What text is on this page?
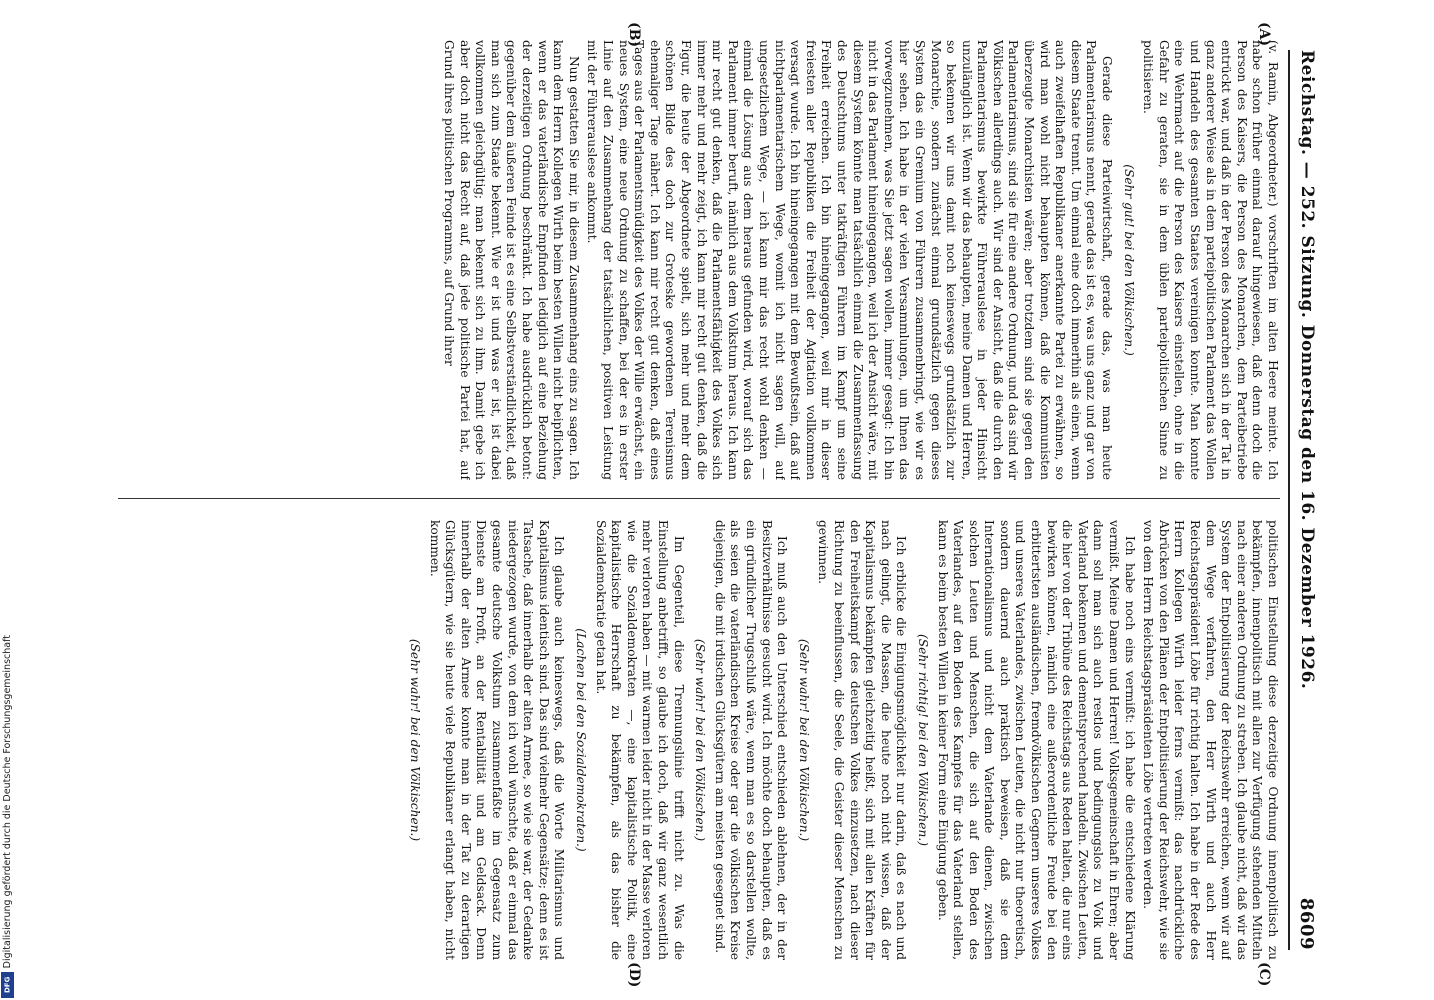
Digitalisierung gefördert durch die Deutsche Forschungsgemeinschaft
DFG
Reichstag. — 252. Sitzung. Donnerstag den 16. Dezember 1926.
8609
(A)
(B)
(C)
(D)

(v. Ramin, Abgeordneter.) vorschriften im alten Heere meinte. Ich habe schon früher einmal darauf hingewiesen, daß denn doch die Person des Kaisers, die Person des Monarchen, dem Parteibetriebe entrückt war, und daß in der Person des Monarchen sich in der Tat in ganz anderer Weise als in dem parteipolitischen Parlament das Wollen und Handeln des gesamten Staates vereinigen konnte. Man konnte eine Wehrmacht auf die Person des Kaisers einstellen, ohne in die Gefahr zu geraten, sie in dem üblen parteipolitischen Sinne zu politisieren.

(Sehr gut! bei den Völkischen.)

Gerade diese Parteiwirtschaft, gerade das, was man heute Parlamentarismus nennt, gerade das ist es, was uns ganz und gar von diesem Staate trennt. Um einmal eine doch immerhin als einen, wenn auch zweifelhaften Republikaner anerkannte Partei zu erwähnen, so wird man wohl nicht behaupten können, daß die Kommunisten überzeugte Monarchisten wären; aber trotzdem sind sie gegen den Parlamentarismus, sind sie für eine andere Ordnung, und das sind wir Völkischen allerdings auch. Wir sind der Ansicht, daß die durch den Parlamentarismus bewirkte Führerauslese in jeder Hinsicht unzulänglich ist. Wenn wir das behaupten, meine Damen und Herren, so bekennen wir uns damit noch keineswegs grundsätzlich zur Monarchie, sondern zunächst einmal grundsätzlich gegen dieses System das ein Gremium von Führern zusammenbringt, wie wir es hier sehen. Ich habe in der vielen Versammlungen, um Ihnen das vorwegzunehmen, was Sie jetzt sagen wollen, immer gesagt: Ich bin nicht in das Parlament hineingegangen, weil ich der Ansicht wäre, mit diesem System könnte man tatsächlich einmal die Zusammenfassung des Deutschtums unter tatkräftigen Führern im Kampf um seine Freiheit erreichen. Ich bin hineingegangen, weil mir in dieser freiesten aller Republiken die Freiheit der Agitation vollkommen versagt wurde. Ich bin hineingegangen mit dem Bewußtsein, daß auf nichtparlamentarischem Wege, womit ich nicht sagen will, auf ungesetzlichem Wege, — ich kann mir das recht wohl denken — einmal die Lösung aus dem heraus gefunden wird, worauf sich das Parlament immer beruft, nämlich aus dem Volkstum heraus. Ich kann mir recht gut denken, daß die Parlamentsfähigkeit des Volkes sich immer mehr und mehr zeigt, ich kann mir recht gut denken, daß die Figur, die heute der Abgeordnete spielt, sich mehr und mehr dem schönen Bilde des doch zur Groteske gewordenen Terenismus ehemaliger Tage nähert. Ich kann mir recht gut denken, daß eines Tages aus der Parlamentsmüdigkeit des Volkes der Wille erwächst, ein neues System, eine neue Ordnung zu schaffen, bei der es in erster Linie auf den Zusammenhang der tatsächlichen, positiven Leistung mit der Führerauslese ankommt.

Nun gestatten Sie mir, in diesem Zusammenhang eins zu sagen. Ich kann dem Herrn Kollegen Wirth beim besten Willen nicht beipflichten, wenn er das vaterländische Empfinden lediglich auf eine Beziehung der derzeitigen Ordnung beschränkt. Ich habe ausdrücklich betont: gegenüber dem äußeren Feinde ist es eine Selbstverständlichkeit, daß man sich zum Staate bekennt. Wie er ist und was er ist, ist dabei vollkommen gleichgültig; man bekennt sich zu ihm. Damit gebe ich aber doch nicht das Recht auf, daß jede politische Partei hat, auf Grund ihres politischen Programms, auf Grund ihrer

politischen Einstellung diese derzeitige Ordnung innenpolitisch zu bekämpfen, innenpolitisch mit allen zur Verfügung stehenden Mitteln nach einer anderen Ordnung zu streben. Ich glaube nicht, daß wir das System der Entpolitisierung der Reichswehr erreichen, wenn wir auf dem Wege verfahren, den Herr Wirth und auch Herr Reichstagspräsident Löbe für richtig halten. Ich habe in der Rede des Herrn Kollegen Wirth leider ferns vermißt: das nachdrückliche Abrücken von den Plänen der Entpolitisierung der Reichswehr, wie sie von dem Herrn Reichstagspräsidenten Löbe vertreten werden.

Ich habe noch eins vermißt: ich habe die entschiedene Klärung vermißt. Meine Damen und Herren! Volksgemeinschaft in Ehren; aber dann soll man sich auch restlos und bedingungslos zu Volk und Vaterland bekennen und dementsprechend handeln. Zwischen Leuten, die hier von der Tribüne des Reichstags aus Reden halten, die nur eins bewirken können, nämlich eine außerordentliche Freude bei den erbittertsten ausländischen, fremdvölkischen Gegnern unseres Volkes und unseres Vaterlandes, zwischen Leuten, die nicht nur theoretisch, sondern dauernd auch praktisch beweisen, daß sie dem Internationalismus und nicht dem Vaterlande dienen, zwischen solchen Leuten und Menschen, die sich auf den Boden des Vaterlandes, auf den Boden des Kampfes für das Vaterland stellen, kann es beim besten Willen in keiner Form eine Einigung geben.

(Sehr richtig! bei den Völkischen.)

Ich erblicke die Einigungsmöglichkeit nur darin, daß es nach und nach gelingt, die Massen, die heute noch nicht wissen, daß der Kapitalismus bekämpfen gleichzeitig heißt, sich mit allen Kräften für den Freiheitskampf des deutschen Volkes einzusetzen, nach dieser Richtung zu beeinflussen, die Seele, die Geister dieser Menschen zu gewinnen.

(Sehr wahr! bei den Völkischen.)

Ich muß auch den Unterschied entschieden ablehnen, der in der Besitzverhältnisse gesucht wird. Ich möchte doch behaupten, daß es ein gründlicher Trugschluß wäre, wenn man es so darstellen wollte, als seien die vaterländischen Kreise oder gar die völkischen Kreise diejenigen, die mit irdischen Glücksgütern am meisten gesegnet sind.

(Sehr wahr! bei den Völkischen.)

Im Gegenteil, diese Trennungslinie trifft nicht zu. Was die Einstellung anbetrifft, so glaube ich doch, daß wir ganz wesentlich mehr verloren haben — mit warmen leider nicht in der Masse verloren wie die Sozialdemokraten —, eine kapitalistische Politik, eine kapitalistische Herrschaft zu bekämpfen, als das bisher die Sozialdemokratie getan hat.

(Lachen bei den Sozialdemokraten.)

Ich glaube auch keineswegs, daß die Worte Militarismus und Kapitalismus identisch sind. Das sind vielmehr Gegensätze; denn es ist Tatsache, daß innerhalb der alten Armee, so wie sie war, der Gedanke niedergezogen wurde, von dem ich wohl wünschte, daß er einmal das gesamte deutsche Volkstum zusammenfaßte im Gegensatz zum Dienste am Profit, an der Rentabilität und am Geldsack. Denn innerhalb der alten Armee konnte man in der Tat zu derartigen Glücksgütern, wie sie heute viele Republikaner erlangt haben, nicht kommen.

(Sehr wahr! bei den Völkischen.)
